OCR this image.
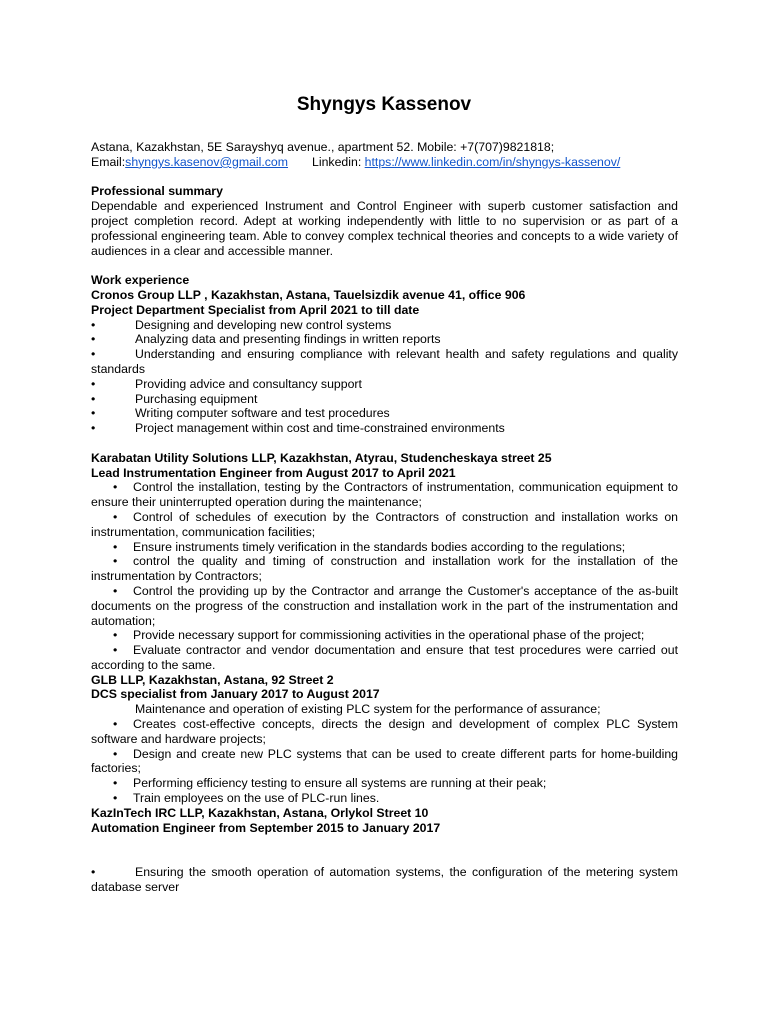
Shyngys Kassenov
Astana, Kazakhstan, 5E Sarayshyq avenue., apartment 52. Mobile: +7(707)9821818;
Email:shyngys.kasenov@gmail.com Linkedin: https://www.linkedin.com/in/shyngys-kassenov/
Professional summary
Dependable and experienced Instrument and Control Engineer with superb customer satisfaction and project completion record. Adept at working independently with little to no supervision or as part of a professional engineering team. Able to convey complex technical theories and concepts to a wide variety of audiences in a clear and accessible manner.
Work experience
Cronos Group LLP , Kazakhstan, Astana, Tauelsizdik avenue 41, office 906
Project Department Specialist from April 2021 to till date
•	Designing and developing new control systems
•	Analyzing data and presenting findings in written reports
•	Understanding and ensuring compliance with relevant health and safety regulations and quality standards
•	Providing advice and consultancy support
•	Purchasing equipment
•	Writing computer software and test procedures
•	Project management within cost and time-constrained environments
Karabatan Utility Solutions LLP, Kazakhstan, Atyrau, Studencheskaya street 25
Lead Instrumentation Engineer from August 2017 to April 2021
• Control the installation, testing by the Contractors of instrumentation, communication equipment to ensure their uninterrupted operation during the maintenance;
• Control of schedules of execution by the Contractors of construction and installation works on instrumentation, communication facilities;
• Ensure instruments timely verification in the standards bodies according to the regulations;
• control the quality and timing of construction and installation work for the installation of the instrumentation by Contractors;
• Control the providing up by the Contractor and arrange the Customer's acceptance of the as-built documents on the progress of the construction and installation work in the part of the instrumentation and automation;
• Provide necessary support for commissioning activities in the operational phase of the project;
• Evaluate contractor and vendor documentation and ensure that test procedures were carried out according to the same.
GLB LLP, Kazakhstan, Astana, 92 Street 2
DCS specialist from January 2017 to August 2017
Maintenance and operation of existing PLC system for the performance of assurance;
• Creates cost-effective concepts, directs the design and development of complex PLC System software and hardware projects;
• Design and create new PLC systems that can be used to create different parts for home-building factories;
• Performing efficiency testing to ensure all systems are running at their peak;
• Train employees on the use of PLC-run lines.
KazInTech IRC LLP, Kazakhstan, Astana, Orlykol Street 10
Automation Engineer from September 2015 to January 2017
•	Ensuring the smooth operation of automation systems, the configuration of the metering system database server
